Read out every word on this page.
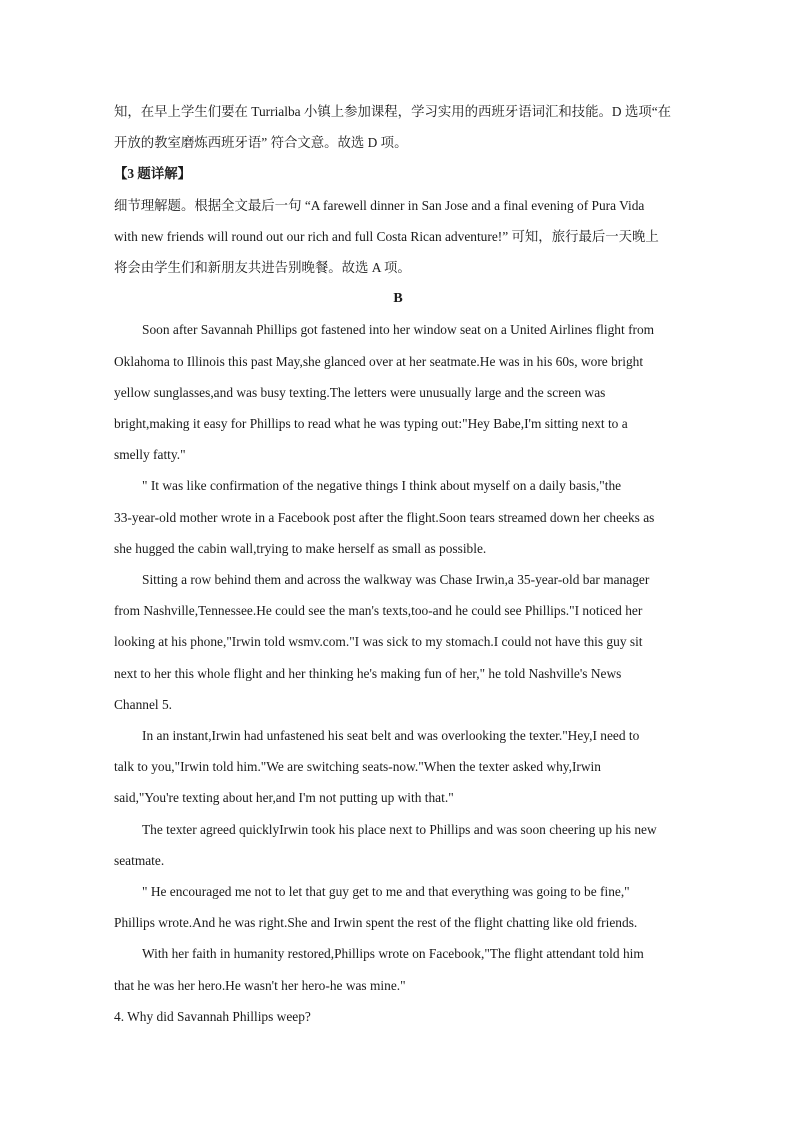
知，在早上学生们要在 Turrialba 小镇上参加课程，学习实用的西班牙语词汇和技能。D 选项“在

开放的教室磨炼西班牙语” 符合文意。故选 D 项。

【3 题详解】

细节理解题。根据全文最后一句 “A farewell dinner in San Jose and a final evening of Pura Vida

with new friends will round out our rich and full Costa Rican adventure!” 可知，旅行最后一天晚上

将会由学生们和新朋友共进告别晚餐。故选 A 项。

B

Soon after Savannah Phillips got fastened into her window seat on a United Airlines flight from

Oklahoma to Illinois this past May,she glanced over at her seatmate.He was in his 60s, wore bright

yellow sunglasses,and was busy texting.The letters were unusually large and the screen was

bright,making it easy for Phillips to read what he was typing out:"Hey Babe,I'm sitting next to a

smelly fatty."

" It was like confirmation of the negative things I think about myself on a daily basis,"the

33-year-old mother wrote in a Facebook post after the flight.Soon tears streamed down her cheeks as

she hugged the cabin wall,trying to make herself as small as possible.

Sitting a row behind them and across the walkway was Chase Irwin,a 35-year-old bar manager

from Nashville,Tennessee.He could see the man's texts,too-and he could see Phillips."I noticed her

looking at his phone,"Irwin told wsmv.com."I was sick to my stomach.I could not have this guy sit

next to her this whole flight and her thinking he's making fun of her," he told Nashville's News

Channel 5.

In an instant,Irwin had unfastened his seat belt and was overlooking the texter."Hey,I need to

talk to you,"Irwin told him."We are switching seats-now."When the texter asked why,Irwin

said,"You're texting about her,and I'm not putting up with that."

The texter agreed quicklyIrwin took his place next to Phillips and was soon cheering up his new

seatmate.

" He encouraged me not to let that guy get to me and that everything was going to be fine,"

Phillips wrote.And he was right.She and Irwin spent the rest of the flight chatting like old friends.

With her faith in humanity restored,Phillips wrote on Facebook,"The flight attendant told him

that he was her hero.He wasn't her hero-he was mine."

4. Why did Savannah Phillips weep?
